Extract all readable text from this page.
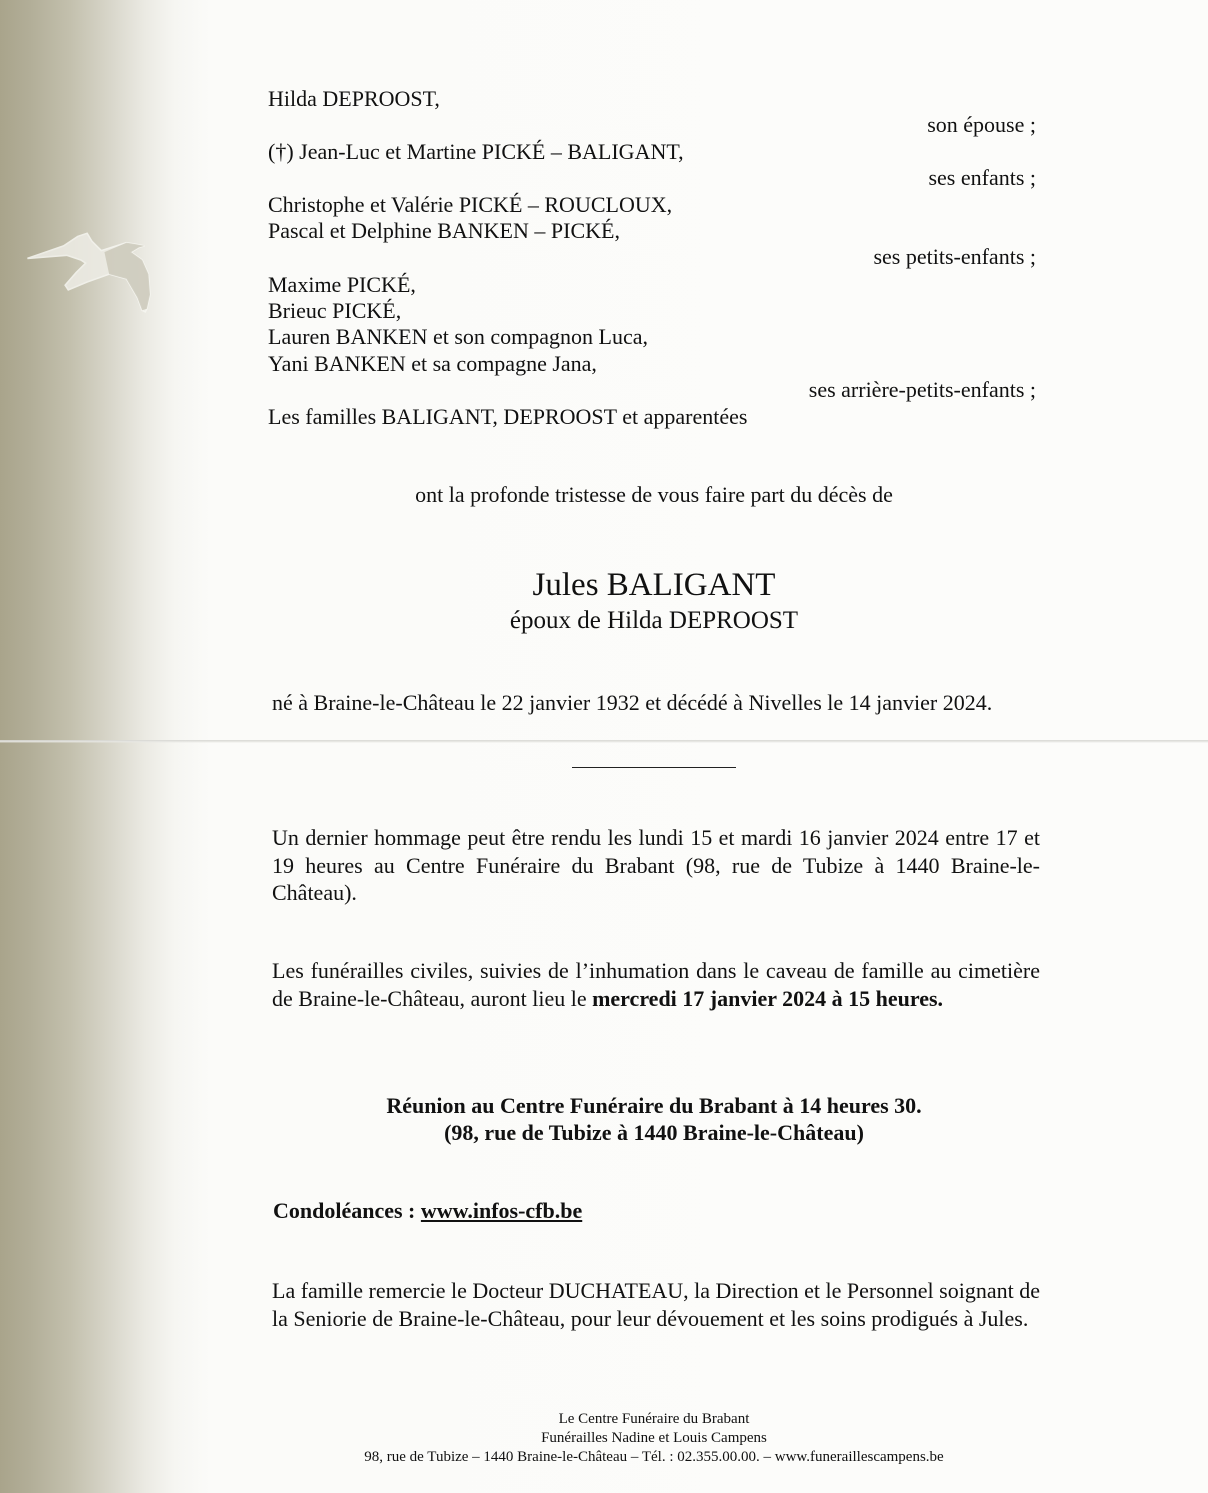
Hilda DEPROOST,
son épouse ;
(†) Jean-Luc et Martine PICKÉ – BALIGANT,
ses enfants ;
Christophe et Valérie PICKÉ – ROUCLOUX,
Pascal et Delphine BANKEN – PICKÉ,
ses petits-enfants ;
Maxime PICKÉ,
Brieuc PICKÉ,
Lauren BANKEN et son compagnon Luca,
Yani BANKEN et sa compagne Jana,
ses arrière-petits-enfants ;
Les familles BALIGANT, DEPROOST et apparentées
ont la profonde tristesse de vous faire part du décès de
Jules BALIGANT
époux de Hilda DEPROOST
né à Braine-le-Château le 22 janvier 1932 et décédé à Nivelles le 14 janvier 2024.
Un dernier hommage peut être rendu les lundi 15 et mardi 16 janvier 2024 entre 17 et 19 heures au Centre Funéraire du Brabant (98, rue de Tubize à 1440 Braine-le-Château).
Les funérailles civiles, suivies de l’inhumation dans le caveau de famille au cimetière de Braine-le-Château, auront lieu le mercredi 17 janvier 2024 à 15 heures.
Réunion au Centre Funéraire du Brabant à 14 heures 30.
(98, rue de Tubize à 1440 Braine-le-Château)
Condoléances : www.infos-cfb.be
La famille remercie le Docteur DUCHATEAU, la Direction et le Personnel soignant de la Seniorie de Braine-le-Château, pour leur dévouement et les soins prodigués à Jules.
Le Centre Funéraire du Brabant
Funérailles Nadine et Louis Campens
98, rue de Tubize – 1440 Braine-le-Château – Tél. : 02.355.00.00. – www.funeraillescampens.be
